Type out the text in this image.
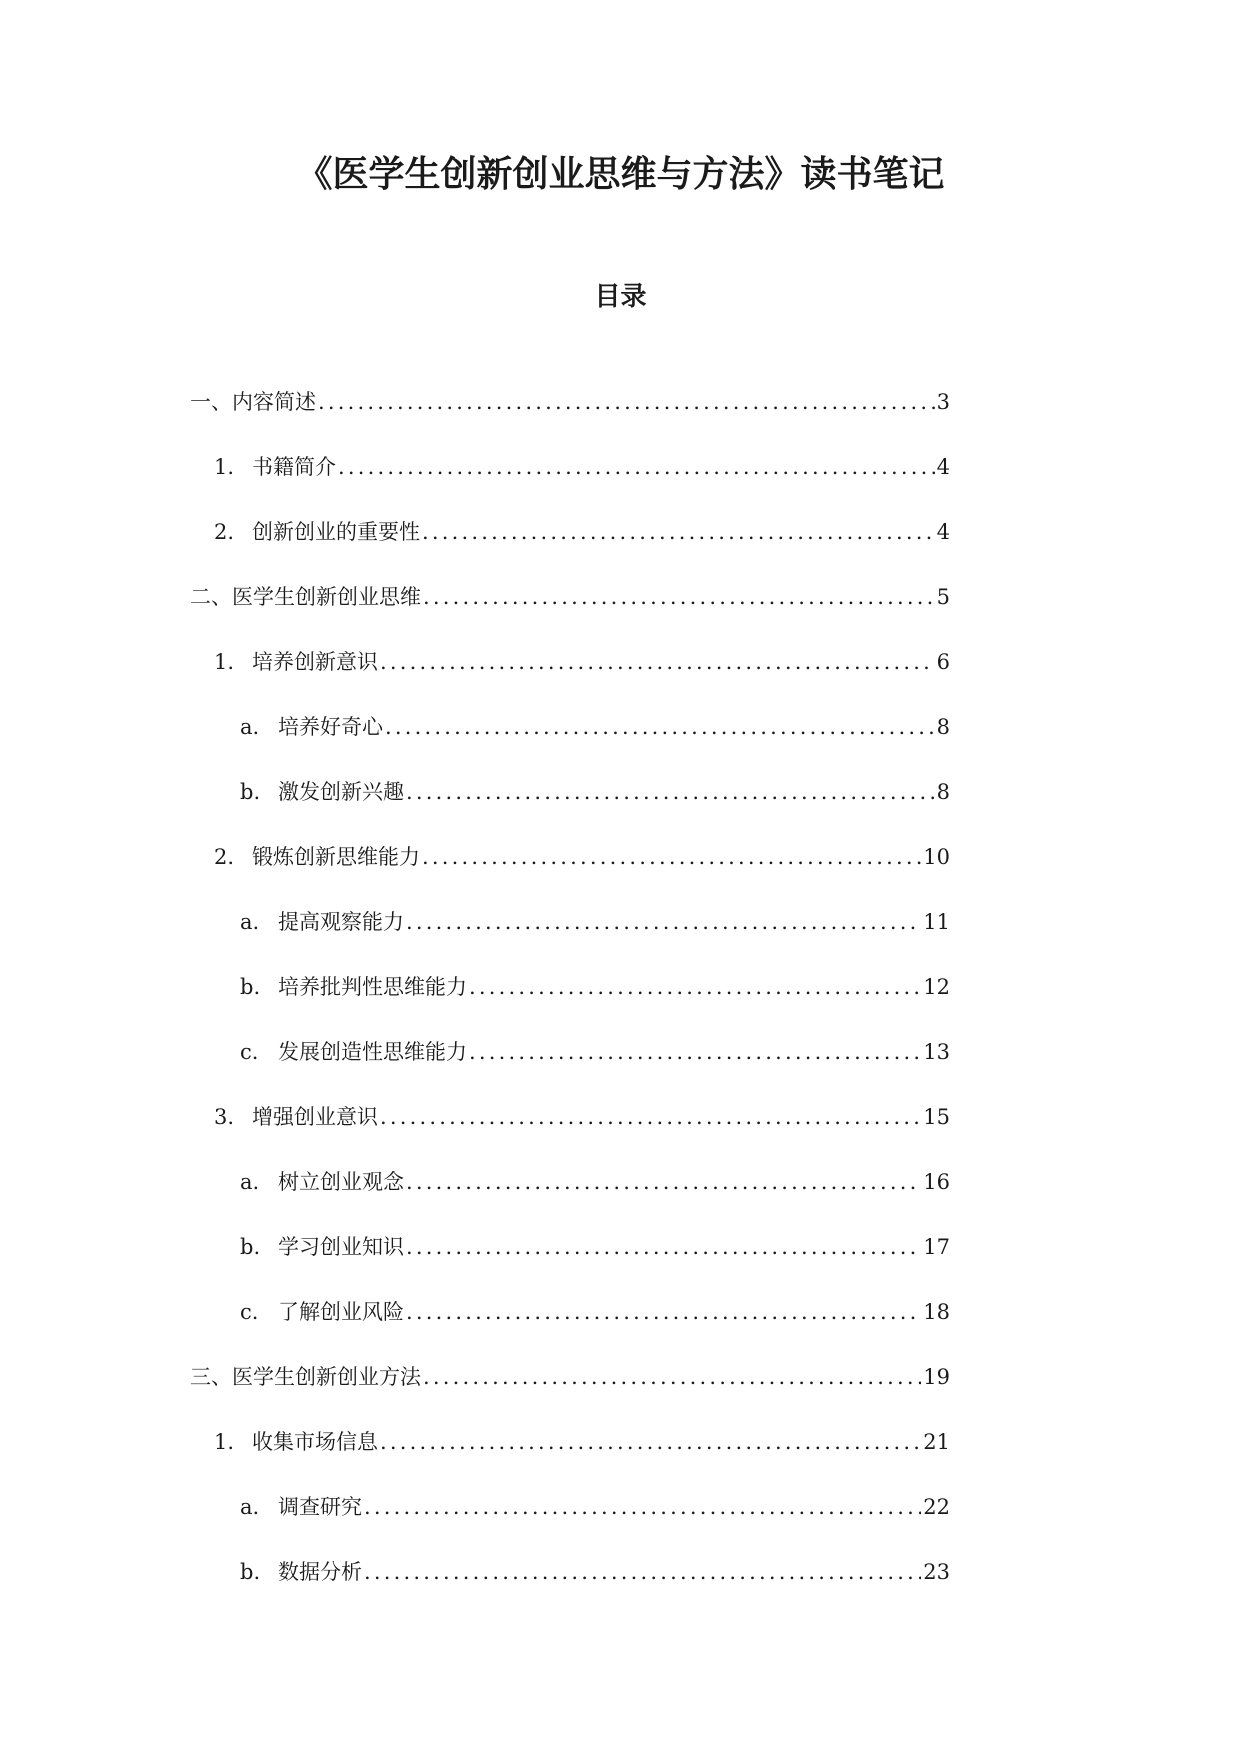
《医学生创新创业思维与方法》读书笔记
目录
一、 内容简述 .....	3
1. 书籍简介 .....	4
2. 创新创业的重要性 .....	4
二、 医学生创新创业思维 .....	5
1. 培养创新意识 .....	6
a. 培养好奇心 .....	8
b. 激发创新兴趣 .....	8
2. 锻炼创新思维能力 .....	10
a. 提高观察能力 .....	11
b. 培养批判性思维能力 .....	12
c. 发展创造性思维能力 .....	13
3. 增强创业意识 .....	15
a. 树立创业观念 .....	16
b. 学习创业知识 .....	17
c. 了解创业风险 .....	18
三、 医学生创新创业方法 .....	19
1. 收集市场信息 .....	21
a. 调查研究 .....	22
b. 数据分析 .....	23
